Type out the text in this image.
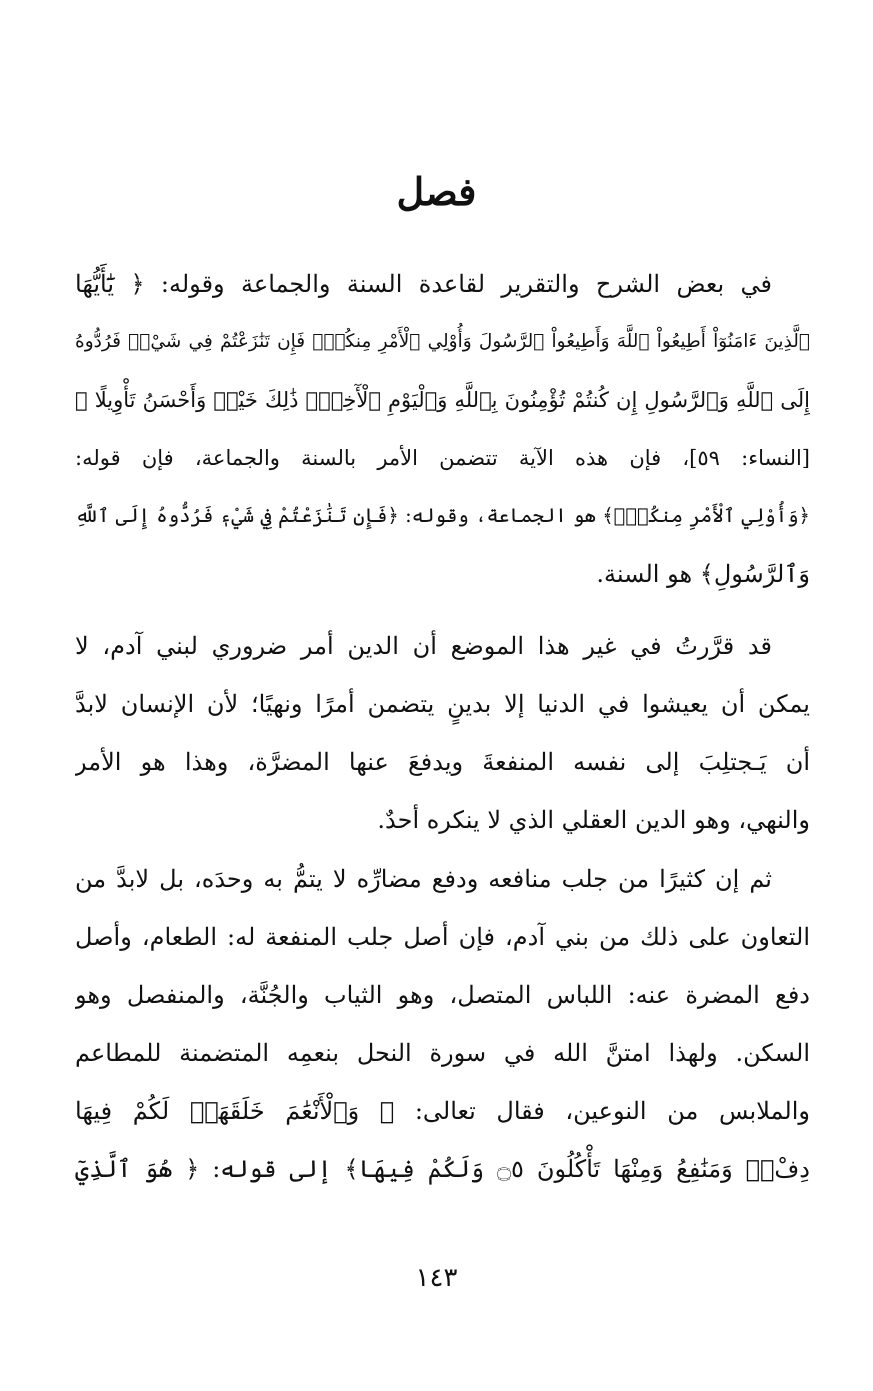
فصل
في بعض الشرح والتقرير لقاعدة السنة والجماعة وقوله: ﴿ يَٰٓأَيُّهَا
ٱلَّذِينَ ءَامَنُوٓاْ أَطِيعُواْ ٱللَّهَ وَأَطِيعُواْ ٱلرَّسُولَ وَأُوْلِي ٱلْأَمْرِ مِنكُمْۖ فَإِن تَنَٰزَعْتُمْ فِي شَيْءٖ فَرُدُّوهُ
إِلَى ٱللَّهِ وَٱلرَّسُولِ إِن كُنتُمْ تُؤْمِنُونَ بِٱللَّهِ وَٱلْيَوْمِ ٱلْأٓخِرِۚ ذَٰلِكَ خَيْرٞ وَأَحْسَنُ تَأْوِيلًا ﴾
[النساء: ٥٩]، فإن هذه الآية تتضمن الأمر بالسنة والجماعة، فإن قوله:
﴿وَأُوْلِي ٱلْأَمْرِ مِنكُمْۖ﴾ هو الجماعة، وقوله: ﴿فَإِن تَنَٰزَعْتُمْ فِي شَيْءٖ فَرُدُّوهُ إِلَى ٱللَّهِ
وَٱلرَّسُولِ﴾ هو السنة.
قد قرَّرتُ في غير هذا الموضع أن الدين أمر ضروري لبني آدم، لا
يمكن أن يعيشوا في الدنيا إلا بدينٍ يتضمن أمرًا ونهيًا؛ لأن الإنسان لابدَّ
أن يَـجتلِبَ إلى نفسه المنفعةَ ويدفعَ عنها المضرَّة، وهذا هو الأمر
والنهي، وهو الدين العقلي الذي لا ينكره أحدٌ.
ثم إن كثيرًا من جلب منافعه ودفع مضارِّه لا يتمُّ به وحدَه، بل لابدَّ من
التعاون على ذلك من بني آدم، فإن أصل جلب المنفعة له: الطعام، وأصل
دفع المضرة عنه: اللباس المتصل، وهو الثياب والجُنَّة، والمنفصل وهو
السكن. ولهذا امتنَّ الله في سورة النحل بنعمِه المتضمنة للمطاعم
والملابس من النوعين، فقال تعالى: ﴿ وَٱلْأَنْعَٰمَ خَلَقَهَاۖ لَكُمْ فِيهَا
دِفْءٞ وَمَنَٰفِعُ وَمِنْهَا تَأْكُلُونَ ۝٥ وَلَكُمْ فِيهَا﴾ إلى قوله: ﴿ هُوَ ٱلَّذِيٓ
١٤٣
